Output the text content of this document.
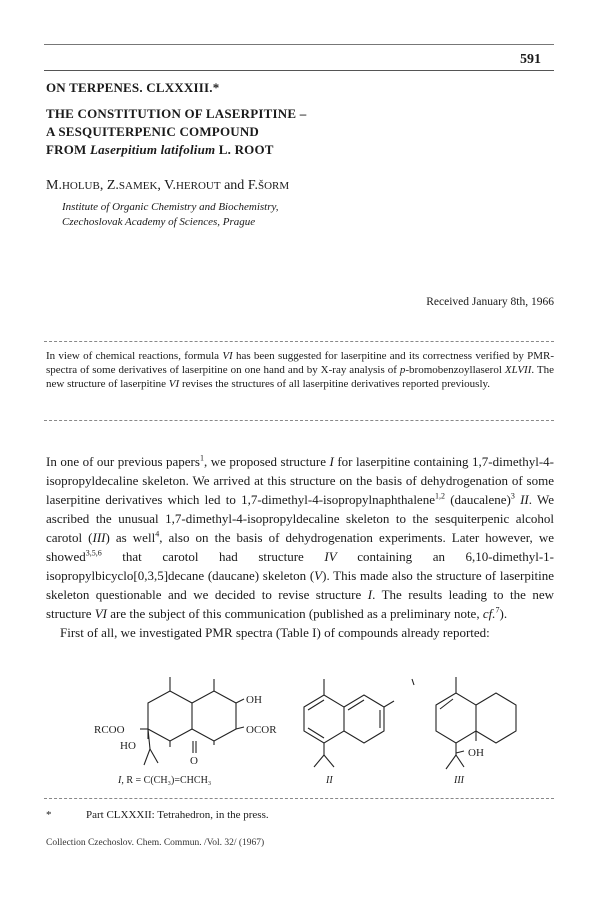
591
ON TERPENES. CLXXXIII.*
THE CONSTITUTION OF LASERPITINE –
A SESQUITERPENIC COMPOUND
FROM Laserpitium latifolium L. ROOT
M.HOLUB, Z.SAMEK, V.HEROUT and F.ŠORM
Institute of Organic Chemistry and Biochemistry,
Czechoslovak Academy of Sciences, Prague
Received January 8th, 1966

In view of chemical reactions, formula VI has been suggested for laserpitine and its correctness verified by PMR-spectra of some derivatives of laserpitine on one hand and by X-ray analysis of p-bromobenzoyllaserol XLVII. The new structure of laserpitine VI revises the structures of all laserpitine derivatives reported previously.

In one of our previous papers$^1$, we proposed structure I for laserpitine containing 1,7-dimethyl-4-isopropyldecaline skeleton. We arrived at this structure on the basis of dehydrogenation of some laserpitine derivatives which led to 1,7-dimethyl-4-isopropylnaphthalene$^{1,2}$ (daucalene)$^3$ II. We ascribed the unusual 1,7-dimethyl-4-isopropyldecaline skeleton to the sesquiterpenic alcohol carotol (III) as well$^4$, also on the basis of dehydrogenation experiments. Later however, we showed$^{3,5,6}$ that carotol had structure IV containing an 6,10-dimethyl-1-isopropylbicyclo[0,3,5]decane (daucane) skeleton (V). This made also the structure of laserpitine skeleton questionable and we decided to revise structure I. The results leading to the new structure VI are the subject of this communication (published as a preliminary note, cf.$^7$).

First of all, we investigated PMR spectra (Table I) of compounds already reported:

OH
RCOO	OCOR
HO
O
OH
I, R = C(CH₃)=CHCH₃	II	III
*	Part CLXXXII: Tetrahedron, in the press.
Collection Czechoslov. Chem. Commun. /Vol. 32/ (1967)
